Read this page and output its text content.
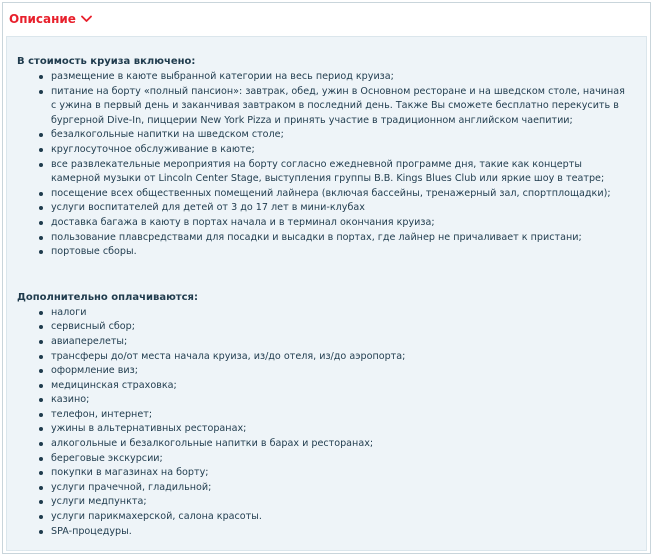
Описание
В стоимость круиза включено:
размещение в каюте выбранной категории на весь период круиза;
питание на борту «полный пансион»: завтрак, обед, ужин в Основном ресторане и на шведском столе, начиная с ужина в первый день и заканчивая завтраком в последний день. Также Вы сможете бесплатно перекусить в бургерной Dive-In, пиццерии New York Pizza и принять участие в традиционном английском чаепитии;
безалкогольные напитки на шведском столе;
круглосуточное обслуживание в каюте;
все развлекательные мероприятия на борту согласно ежедневной программе дня, такие как концерты камерной музыки от Lincoln Center Stage, выступления группы B.B. Kings Blues Club или яркие шоу в театре;
посещение всех общественных помещений лайнера (включая бассейны, тренажерный зал, спортплощадки);
услуги воспитателей для детей от 3 до 17 лет в мини-клубах
доставка багажа в каюту в портах начала и в терминал окончания круиза;
пользование плавсредствами для посадки и высадки в портах, где лайнер не причаливает к пристани;
портовые сборы.
Дополнительно оплачиваются:
налоги
сервисный сбор;
авиаперелеты;
трансферы до/от места начала круиза, из/до отеля, из/до аэропорта;
оформление виз;
медицинская страховка;
казино;
телефон, интернет;
ужины в альтернативных ресторанах;
алкогольные и безалкогольные напитки в барах и ресторанах;
береговые экскурсии;
покупки в магазинах на борту;
услуги прачечной, гладильной;
услуги медпункта;
услуги парикмахерской, салона красоты.
SPA-процедуры.
